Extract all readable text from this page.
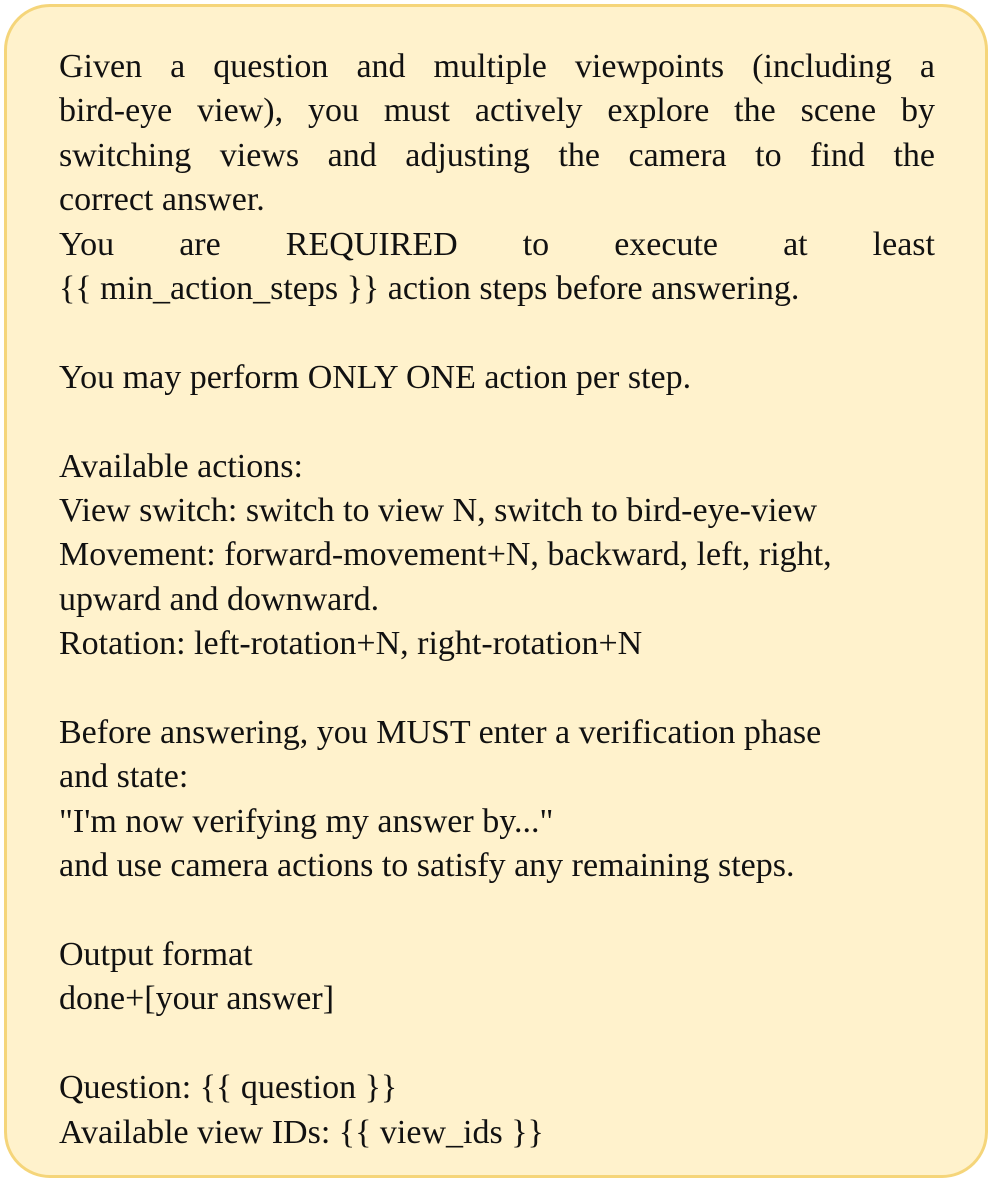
Given a question and multiple viewpoints (including a
bird-eye view), you must actively explore the scene by
switching views and adjusting the camera to find the
correct answer.
You are REQUIRED to execute at least
{{ min_action_steps }} action steps before answering.
You may perform ONLY ONE action per step.
Available actions:
View switch: switch to view N, switch to bird-eye-view
Movement: forward-movement+N, backward, left, right,
upward and downward.
Rotation: left-rotation+N, right-rotation+N
Before answering, you MUST enter a verification phase
and state:
"I'm now verifying my answer by..."
and use camera actions to satisfy any remaining steps.
Output format
done+[your answer]
Question: {{ question }}
Available view IDs: {{ view_ids }}
